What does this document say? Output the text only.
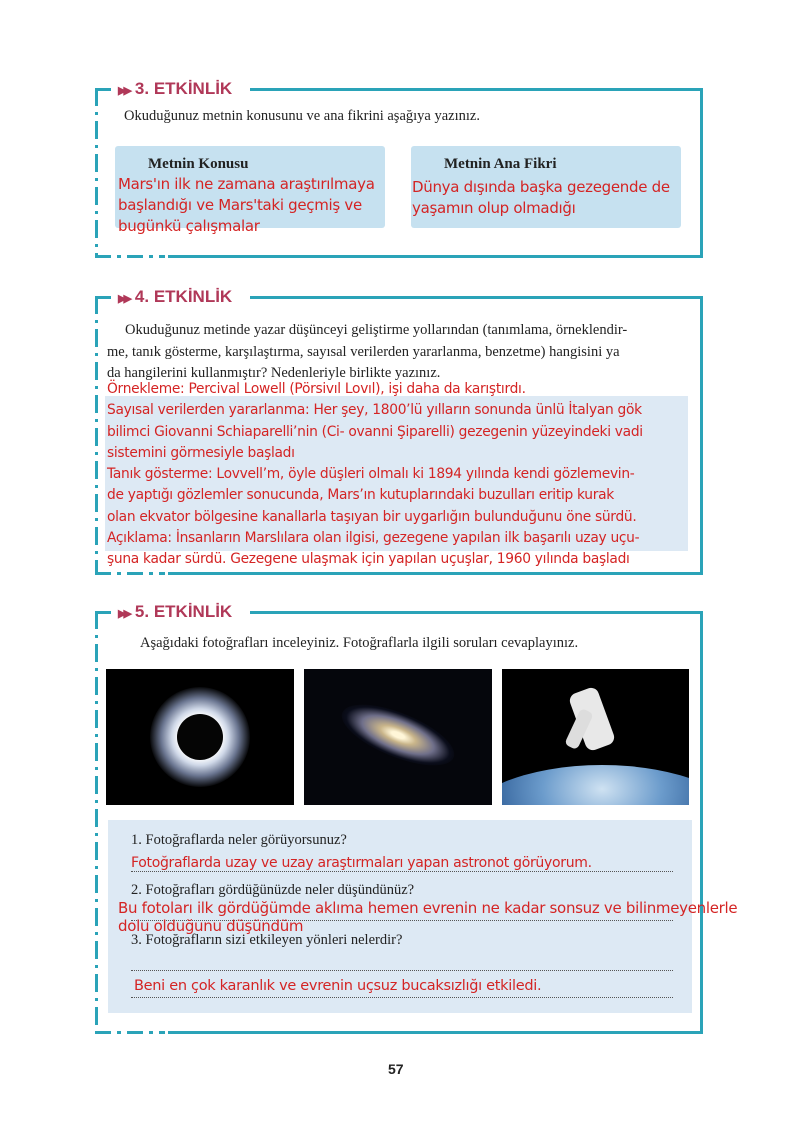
▶▶ 3. ETKİNLİK
Okuduğunuz metnin konusunu ve ana fikrini aşağıya yazınız.
Metnin Konusu
Mars'ın ilk ne zamana araştırılmaya
başlandığı ve Mars'taki geçmiş ve
bugünkü çalışmalar
Metnin Ana Fikri
Dünya dışında başka gezegende de
yaşamın olup olmadığı
▶▶ 4. ETKİNLİK
Okuduğunuz metinde yazar düşünceyi geliştirme yollarından (tanımlama, örneklendir-
me, tanık gösterme, karşılaştırma, sayısal verilerden yararlanma, benzetme) hangisini ya
da hangilerini kullanmıştır? Nedenleriyle birlikte yazınız.
Örnekleme: Percival Lowell (Pörsivıl Lovıl), işi daha da karıştırdı.
Sayısal verilerden yararlanma: Her şey, 1800’lü yılların sonunda ünlü İtalyan gök
bilimci Giovanni Schiaparelli’nin (Ci- ovanni Şiparelli) gezegenin yüzeyindeki vadi
sistemini görmesiyle başladı
Tanık gösterme: Lovvell’m, öyle düşleri olmalı ki 1894 yılında kendi gözlemevin-
de yaptığı gözlemler sonucunda, Mars’ın kutuplarındaki buzulları eritip kurak
olan ekvator bölgesine kanallarla taşıyan bir uygarlığın bulunduğunu öne sürdü.
Açıklama: İnsanların Marslılara olan ilgisi, gezegene yapılan ilk başarılı uzay uçu-
şuna kadar sürdü. Gezegene ulaşmak için yapılan uçuşlar, 1960 yılında başladı
▶▶ 5. ETKİNLİK
Aşağıdaki fotoğrafları inceleyiniz. Fotoğraflarla ilgili soruları cevaplayınız.
1. Fotoğraflarda neler görüyorsunuz?
Fotoğraflarda uzay ve uzay araştırmaları yapan astronot görüyorum.
2. Fotoğrafları gördüğünüzde neler düşündünüz?
Bu fotoları ilk gördüğümde aklıma hemen evrenin ne kadar sonsuz ve bilinmeyenlerle
dolu olduğunu düşündüm
3. Fotoğrafların sizi etkileyen yönleri nelerdir?
Beni en çok karanlık ve evrenin uçsuz bucaksızlığı etkiledi.
57
